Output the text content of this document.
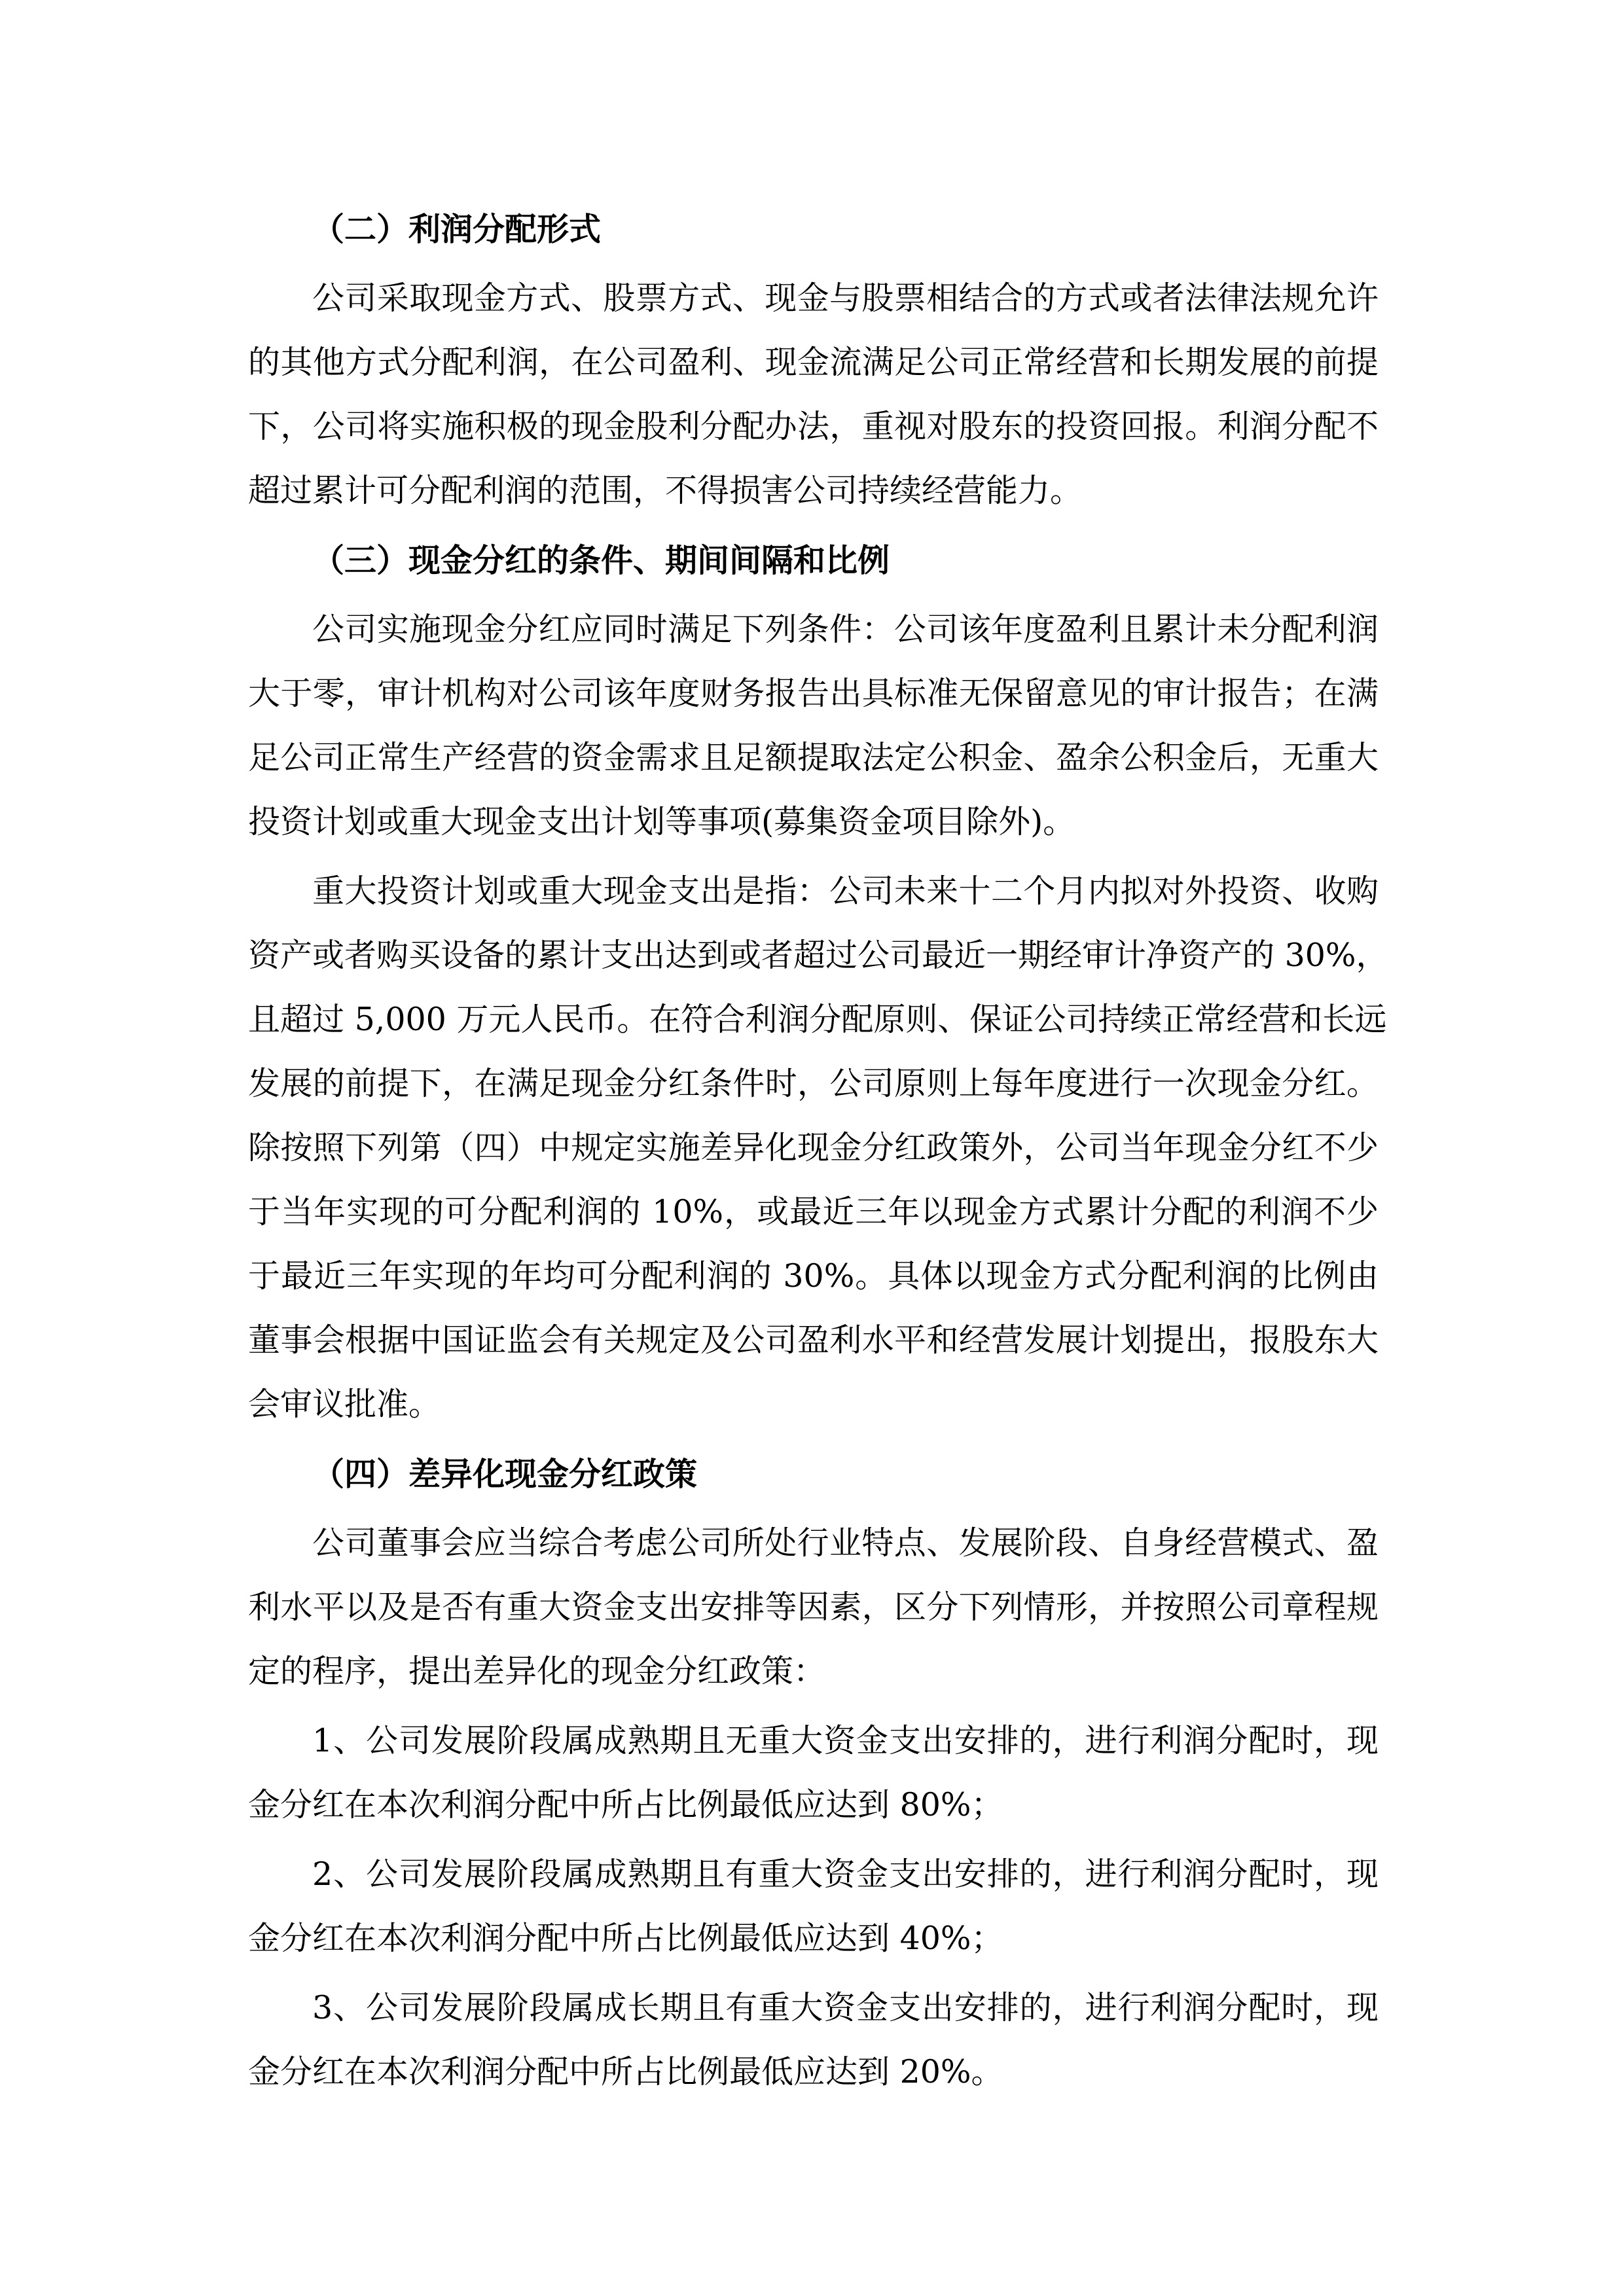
（二）利润分配形式
公司采取现金方式、股票方式、现金与股票相结合的方式或者法律法规允许
的其他方式分配利润，在公司盈利、现金流满足公司正常经营和长期发展的前提
下，公司将实施积极的现金股利分配办法，重视对股东的投资回报。利润分配不
超过累计可分配利润的范围，不得损害公司持续经营能力。
（三）现金分红的条件、期间间隔和比例
公司实施现金分红应同时满足下列条件：公司该年度盈利且累计未分配利润
大于零，审计机构对公司该年度财务报告出具标准无保留意见的审计报告；在满
足公司正常生产经营的资金需求且足额提取法定公积金、盈余公积金后，无重大
投资计划或重大现金支出计划等事项(募集资金项目除外)。
重大投资计划或重大现金支出是指：公司未来十二个月内拟对外投资、收购
资产或者购买设备的累计支出达到或者超过公司最近一期经审计净资产的 30%，
且超过 5,000 万元人民币。在符合利润分配原则、保证公司持续正常经营和长远
发展的前提下，在满足现金分红条件时，公司原则上每年度进行一次现金分红。
除按照下列第（四）中规定实施差异化现金分红政策外，公司当年现金分红不少
于当年实现的可分配利润的 10%，或最近三年以现金方式累计分配的利润不少
于最近三年实现的年均可分配利润的 30%。具体以现金方式分配利润的比例由
董事会根据中国证监会有关规定及公司盈利水平和经营发展计划提出，报股东大
会审议批准。
（四）差异化现金分红政策
公司董事会应当综合考虑公司所处行业特点、发展阶段、自身经营模式、盈
利水平以及是否有重大资金支出安排等因素，区分下列情形，并按照公司章程规
定的程序，提出差异化的现金分红政策：
1、公司发展阶段属成熟期且无重大资金支出安排的，进行利润分配时，现
金分红在本次利润分配中所占比例最低应达到 80%；
2、公司发展阶段属成熟期且有重大资金支出安排的，进行利润分配时，现
金分红在本次利润分配中所占比例最低应达到 40%；
3、公司发展阶段属成长期且有重大资金支出安排的，进行利润分配时，现
金分红在本次利润分配中所占比例最低应达到 20%。
